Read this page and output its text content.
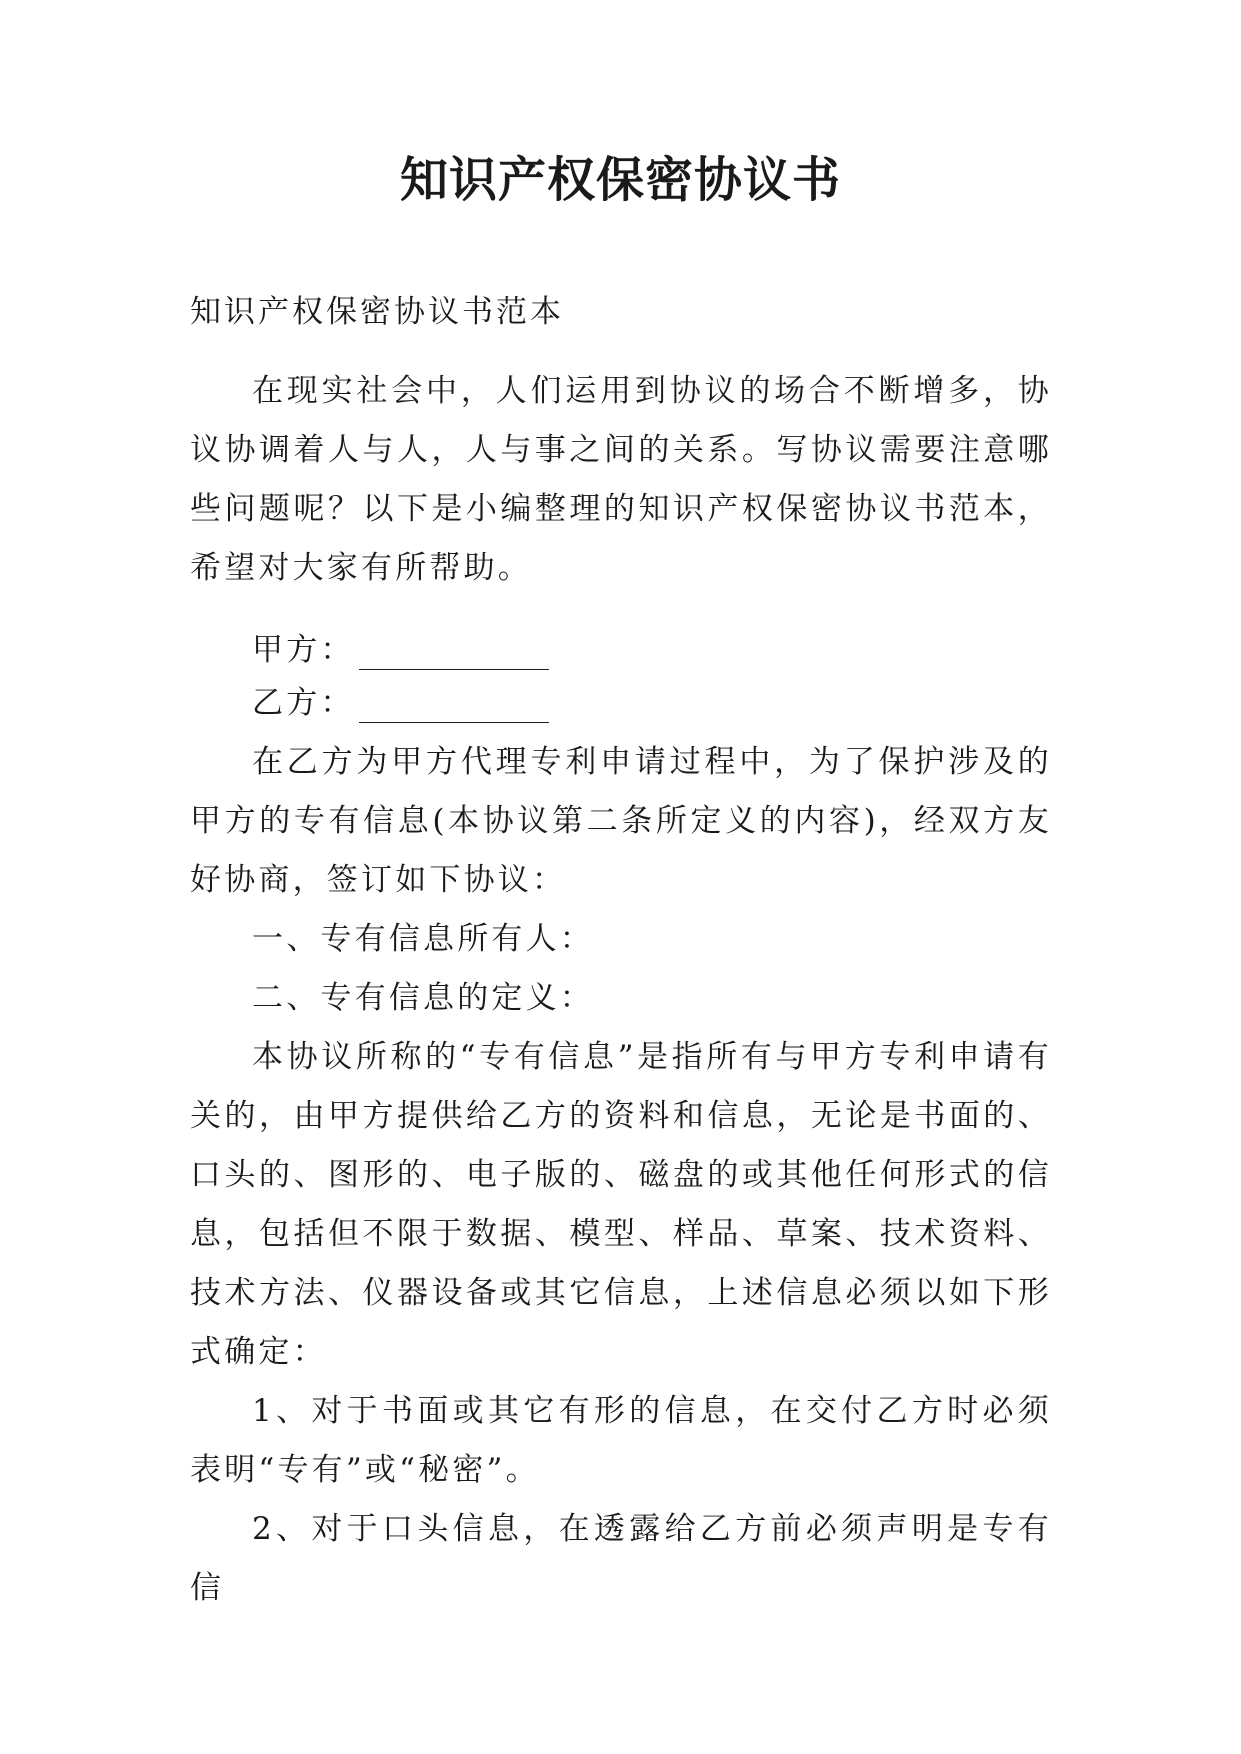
知识产权保密协议书

知识产权保密协议书范本

在现实社会中，人们运用到协议的场合不断增多，协议协调着人与人，人与事之间的关系。写协议需要注意哪些问题呢？以下是小编整理的知识产权保密协议书范本，希望对大家有所帮助。

甲方：

乙方：

在乙方为甲方代理专利申请过程中，为了保护涉及的甲方的专有信息(本协议第二条所定义的内容)，经双方友好协商，签订如下协议：

一、专有信息所有人：

二、专有信息的定义：

本协议所称的“专有信息”是指所有与甲方专利申请有关的，由甲方提供给乙方的资料和信息，无论是书面的、口头的、图形的、电子版的、磁盘的或其他任何形式的信息，包括但不限于数据、模型、样品、草案、技术资料、技术方法、仪器设备或其它信息，上述信息必须以如下形式确定：

1、对于书面或其它有形的信息，在交付乙方时必须表明“专有”或“秘密”。

2、对于口头信息，在透露给乙方前必须声明是专有信
